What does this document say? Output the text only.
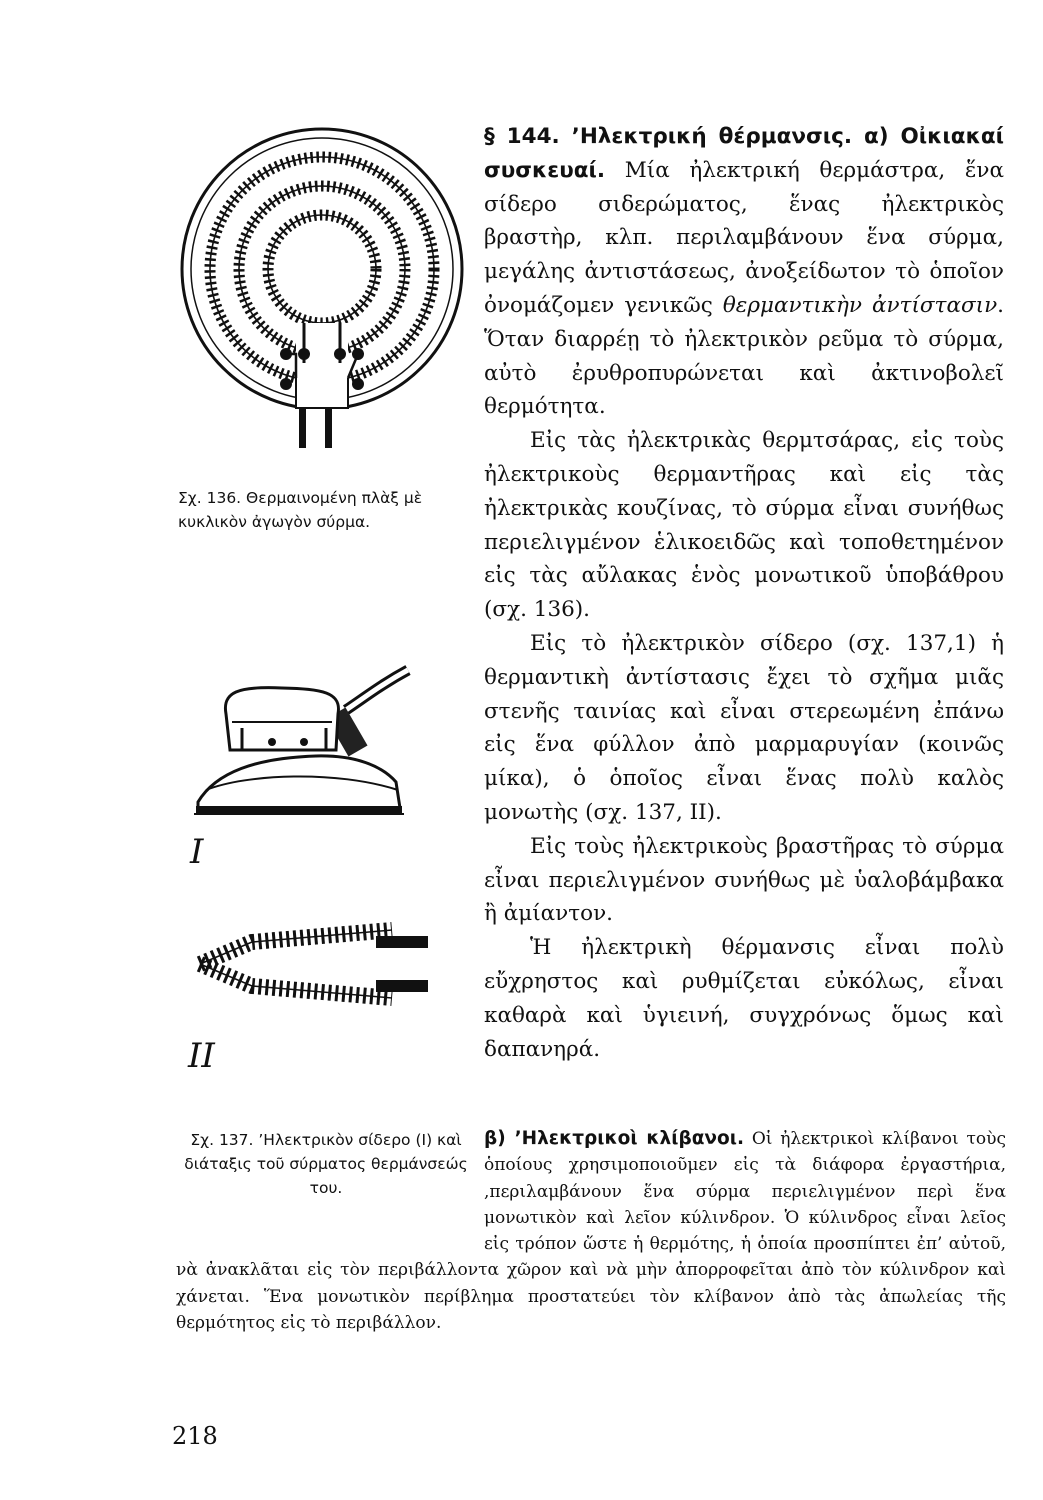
Σχ. 136. Θερμαινομένη πλὰξ μὲ κυκλικὸν ἀγωγὸν σύρμα.
I
II

§ 144. ’Ηλεκτρική θέρμανσις. α) Οἰκιακαί συσκευαί. Μία ἠλεκτρική θερμάστρα, ἕνα σίδερο σιδερώματος, ἕνας ἠλεκτρικὸς βραστὴρ, κλπ. περιλαμβάνουν ἕνα σύρμα, μεγάλης ἀντιστάσεως, ἀνοξείδωτον τὸ ὁποῖον ὀνομάζομεν γενικῶς θερμαντικὴν ἀντίστασιν. Ὅταν διαρρέῃ τὸ ἠλεκτρικὸν ρεῦμα τὸ σύρμα, αὐτὸ ἐρυθροπυρώνεται καὶ ἀκτινοβολεῖ θερμότητα.

Εἰς τὰς ἠλεκτρικὰς θερμτσάρας, εἰς τοὺς ἠλεκτρικοὺς θερμαντῆρας καὶ εἰς τὰς ἠλεκτρικὰς κουζίνας, τὸ σύρμα εἶναι συνήθως περιελιγμένον ἑλικοειδῶς καὶ τοποθετημένον εἰς τὰς αὔλακας ἑνὸς μονωτικοῦ ὑποβάθρου (σχ. 136).

Εἰς τὸ ἠλεκτρικὸν σίδερο (σχ. 137,1) ἡ θερμαντικὴ ἀντίστασις ἔχει τὸ σχῆμα μιᾶς στενῆς ταινίας καὶ εἶναι στερεωμένη ἐπάνω εἰς ἕνα φύλλον ἀπὸ μαρμαρυγίαν (κοινῶς μίκα), ὁ ὁποῖος εἶναι ἕνας πολὺ καλὸς μονωτὴς (σχ. 137, II).

Εἰς τοὺς ἠλεκτρικοὺς βραστῆρας τὸ σύρμα εἶναι περιελιγμένον συνήθως μὲ ὑαλοβάμβακα ἢ ἀμίαντον.

Ἡ ἠλεκτρικὴ θέρμανσις εἶναι πολὺ εὔχρηστος καὶ ρυθμίζεται εὐκόλως, εἶναι καθαρὰ καὶ ὑγιεινή, συγχρόνως ὅμως καὶ δαπανηρά.

β) ’Ηλεκτρικοὶ κλίβανοι. Οἱ ἠλεκτρικοὶ κλίβανοι τοὺς ὁποίους χρησιμοποιοῦμεν εἰς τὰ διάφορα ἐργαστήρια, ,περιλαμβάνουν ἕνα σύρμα περιελιγμένον περὶ ἕνα μονωτικὸν καὶ λεῖον κύλινδρον. Ὁ κύλινδρος εἶναι λεῖος εἰς τρόπον ὥστε ἡ θερμότης, ἡ ὁποία προσπίπτει ἐπ’ αὐτοῦ, νὰ ἀνακλᾶται εἰς τὸν περιβάλλοντα χῶρον καὶ νὰ μὴν ἀπορροφεῖται ἀπὸ τὸν κύλινδρον καὶ χάνεται. Ἕνα μονωτικὸν περίβλημα προστατεύει τὸν κλίβανον ἀπὸ τὰς ἀπωλείας τῆς θερμότητος εἰς τὸ περιβάλλον.
Σχ. 137. ’Ηλεκτρικὸν σίδερο (I) καὶ διάταξις τοῦ σύρματος θερμάνσεώς του.
218
